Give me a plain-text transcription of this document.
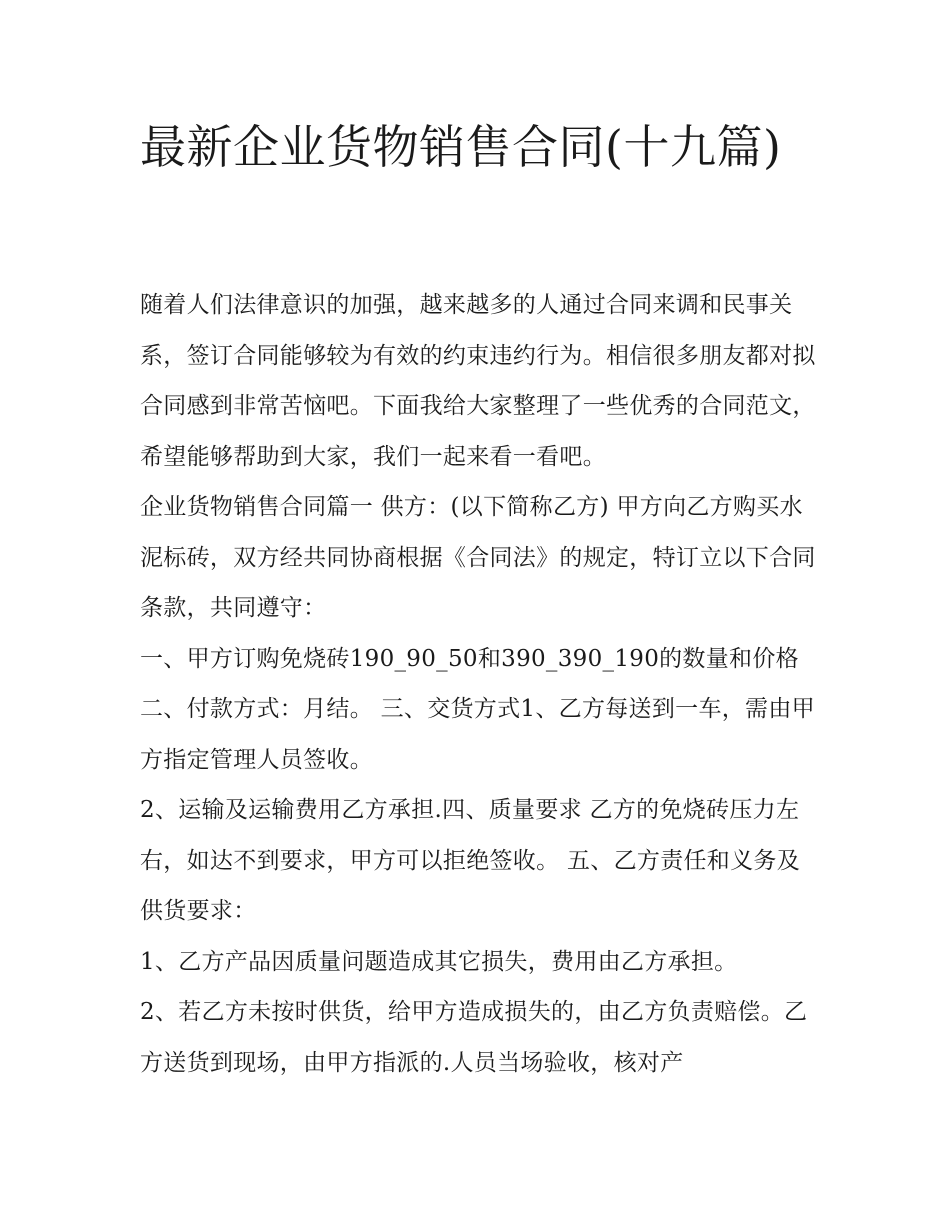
最新企业货物销售合同(十九篇)

随着人们法律意识的加强，越来越多的人通过合同来调和民事关系，签订合同能够较为有效的约束违约行为。相信很多朋友都对拟合同感到非常苦恼吧。下面我给大家整理了一些优秀的合同范文，希望能够帮助到大家，我们一起来看一看吧。

企业货物销售合同篇一 供方：(以下简称乙方) 甲方向乙方购买水泥标砖，双方经共同协商根据《合同法》的规定，特订立以下合同条款，共同遵守：

一、甲方订购免烧砖190_90_50和390_390_190的数量和价格

二、付款方式：月结。 三、交货方式1、乙方每送到一车，需由甲方指定管理人员签收。

2、运输及运输费用乙方承担.四、质量要求 乙方的免烧砖压力左右，如达不到要求，甲方可以拒绝签收。 五、乙方责任和义务及供货要求：

1、乙方产品因质量问题造成其它损失，费用由乙方承担。

2、若乙方未按时供货，给甲方造成损失的，由乙方负责赔偿。乙方送货到现场，由甲方指派的.人员当场验收，核对产
